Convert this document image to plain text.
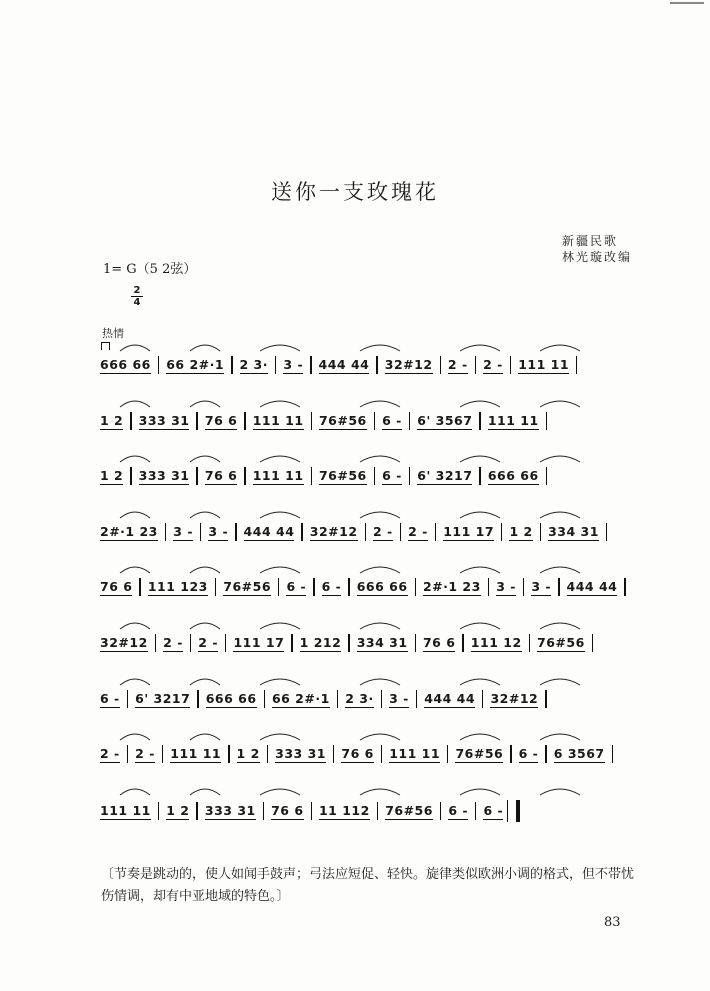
送你一支玫瑰花
新疆民歌
林光璇改编
1= G（5 2弦）
2
4
热情
666 66 66 2#·1 2 3· 3 - 444 44 32#12 2 - 2 - 111 11
1 2 333 31 76 6 111 11 76#56 6 - 6' 3567 111 11
1 2 333 31 76 6 111 11 76#56 6 - 6' 3217 666 66
2#·1 23 3 - 3 - 444 44 32#12 2 - 2 - 111 17 1 2 334 31
76 6 111 123 76#56 6 - 6 - 666 66 2#·1 23 3 - 3 - 444 44
32#12 2 - 2 - 111 17 1 212 334 31 76 6 111 12 76#56
6 - 6' 3217 666 66 66 2#·1 2 3· 3 - 444 44 32#12
2 - 2 - 111 11 1 2 333 31 76 6 111 11 76#56 6 - 6 3567
111 11 1 2 333 31 76 6 11 112 76#56 6 - 6 -
〔节奏是跳动的，使人如闻手鼓声；弓法应短促、轻快。旋律类似欧洲小调的格式，但不带忧伤情调，却有中亚地域的特色。〕
83
